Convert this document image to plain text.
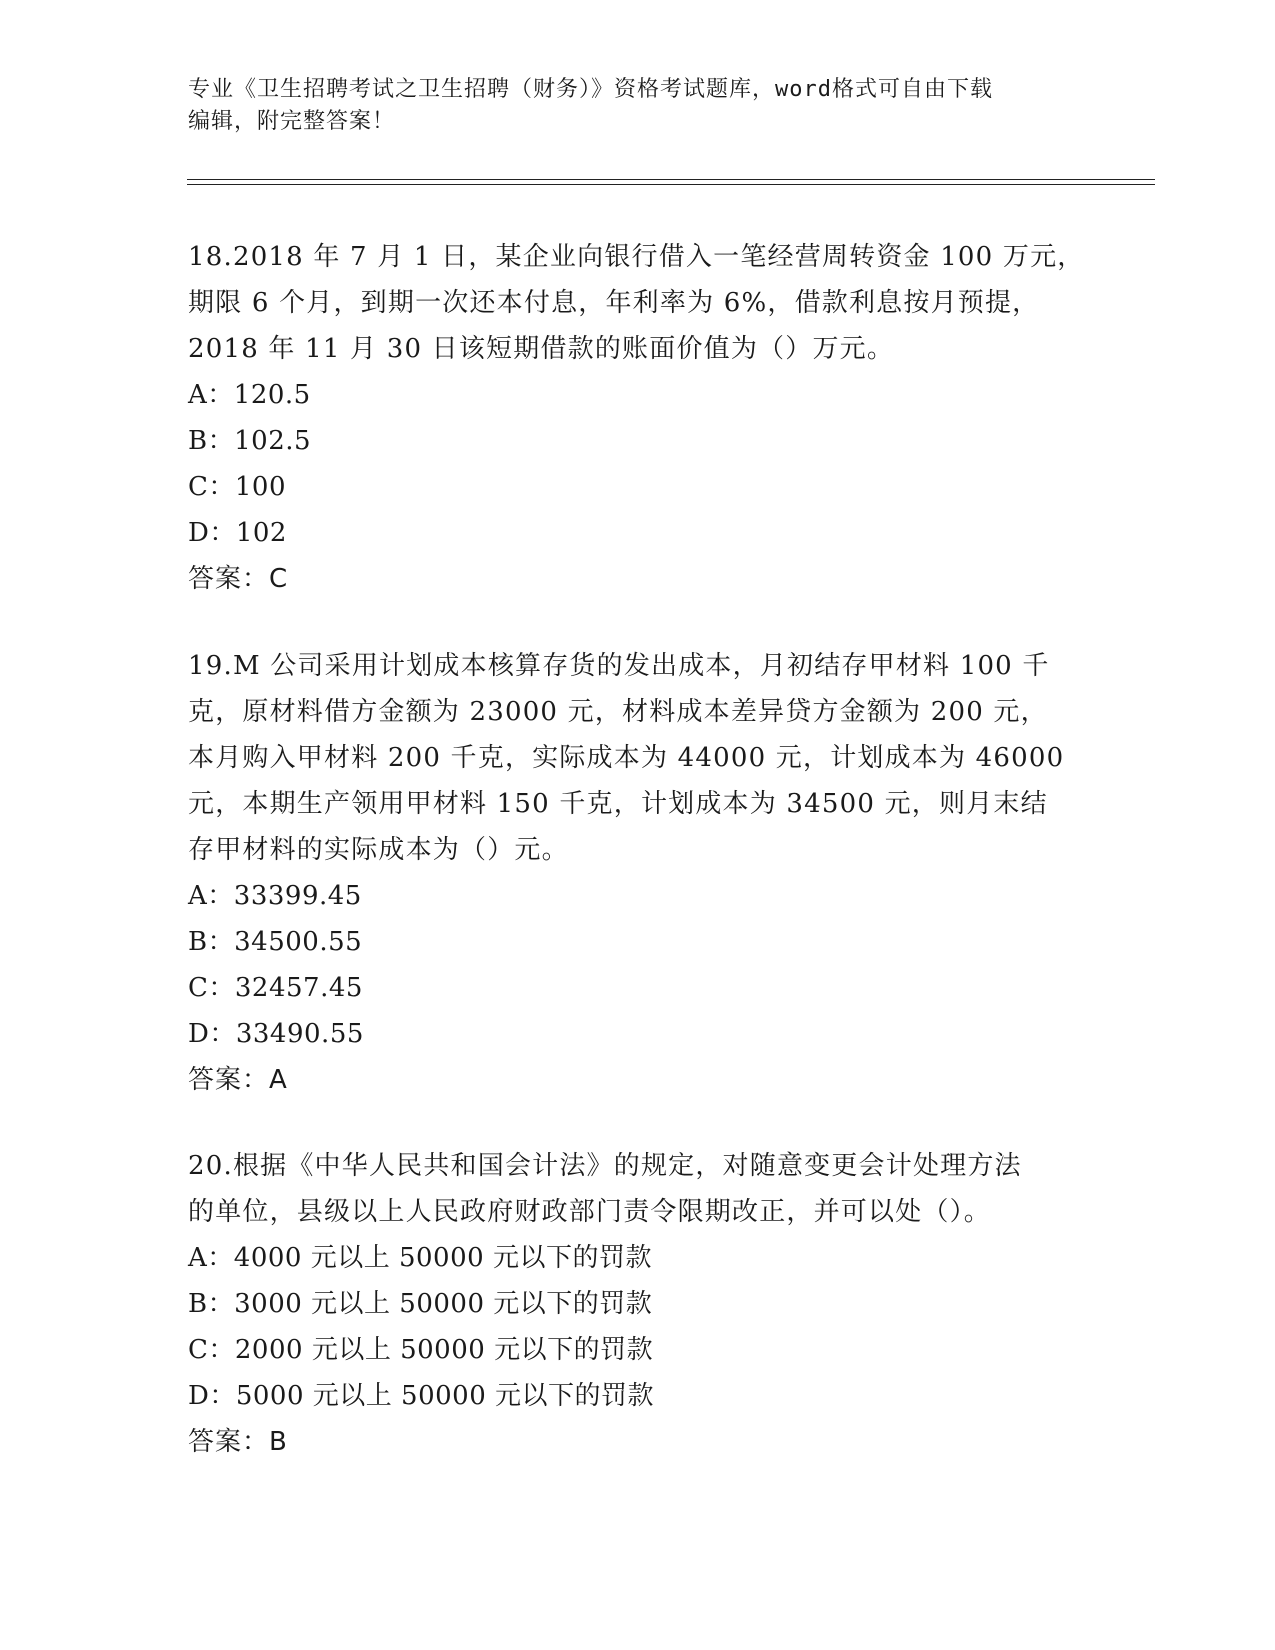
专业《卫生招聘考试之卫生招聘（财务）》资格考试题库，word格式可自由下载
编辑，附完整答案！
18.2018 年 7 月 1 日，某企业向银行借入一笔经营周转资金 100 万元，
期限 6 个月，到期一次还本付息，年利率为 6%，借款利息按月预提，
2018 年 11 月 30 日该短期借款的账面价值为（）万元。
A：120.5
B：102.5
C：100
D：102
答案：C
19.M 公司采用计划成本核算存货的发出成本，月初结存甲材料 100 千
克，原材料借方金额为 23000 元，材料成本差异贷方金额为 200 元，
本月购入甲材料 200 千克，实际成本为 44000 元，计划成本为 46000
元，本期生产领用甲材料 150 千克，计划成本为 34500 元，则月末结
存甲材料的实际成本为（）元。
A：33399.45
B：34500.55
C：32457.45
D：33490.55
答案：A
20.根据《中华人民共和国会计法》的规定，对随意变更会计处理方法
的单位，县级以上人民政府财政部门责令限期改正，并可以处（）。
A：4000 元以上 50000 元以下的罚款
B：3000 元以上 50000 元以下的罚款
C：2000 元以上 50000 元以下的罚款
D：5000 元以上 50000 元以下的罚款
答案：B
